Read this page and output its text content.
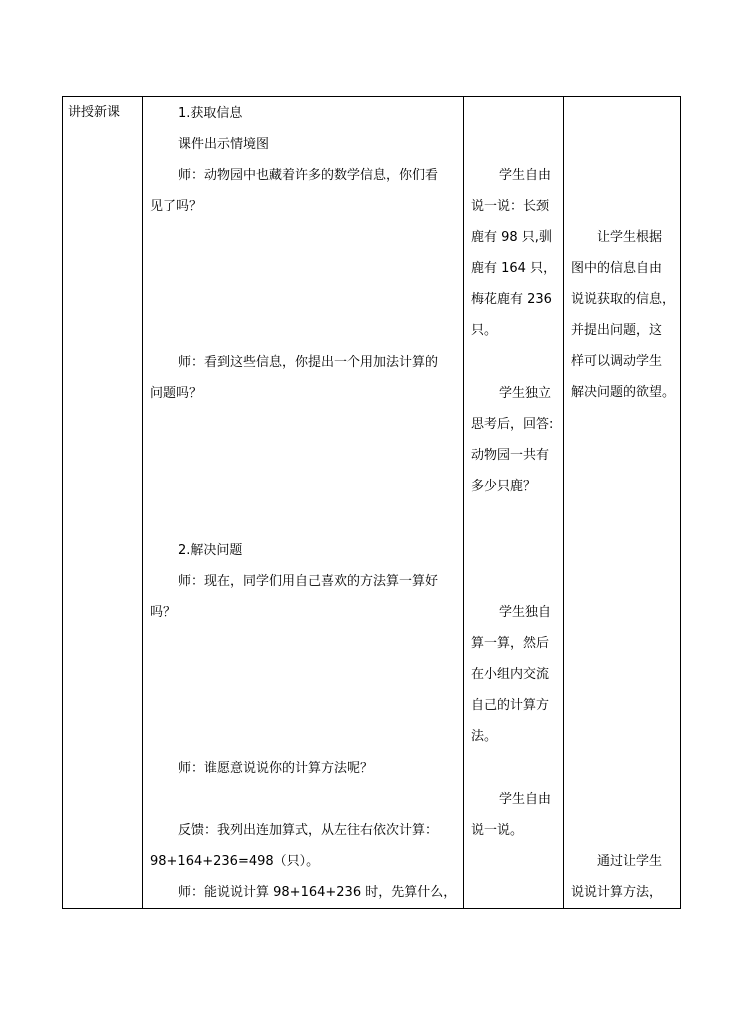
讲授新课	1.获取信息
课件出示情境图
师：动物园中也藏着许多的数学信息，你们看
见了吗？
师：看到这些信息，你提出一个用加法计算的
问题吗？
2.解决问题
师：现在，同学们用自己喜欢的方法算一算好
吗？
师：谁愿意说说你的计算方法呢？
反馈：我列出连加算式，从左往右依次计算：
98+164+236=498（只）。
师：能说说计算 98+164+236 时，先算什么，
学生自由
说一说：长颈
鹿有 98 只,驯
鹿有 164 只，
梅花鹿有 236
只。
学生独立
思考后，回答:
动物园一共有
多少只鹿？
学生独自
算一算，然后
在小组内交流
自己的计算方
法。
学生自由
说一说。
让学生根据
图中的信息自由
说说获取的信息，
并提出问题，这
样可以调动学生
解决问题的欲望。
通过让学生
说说计算方法，
